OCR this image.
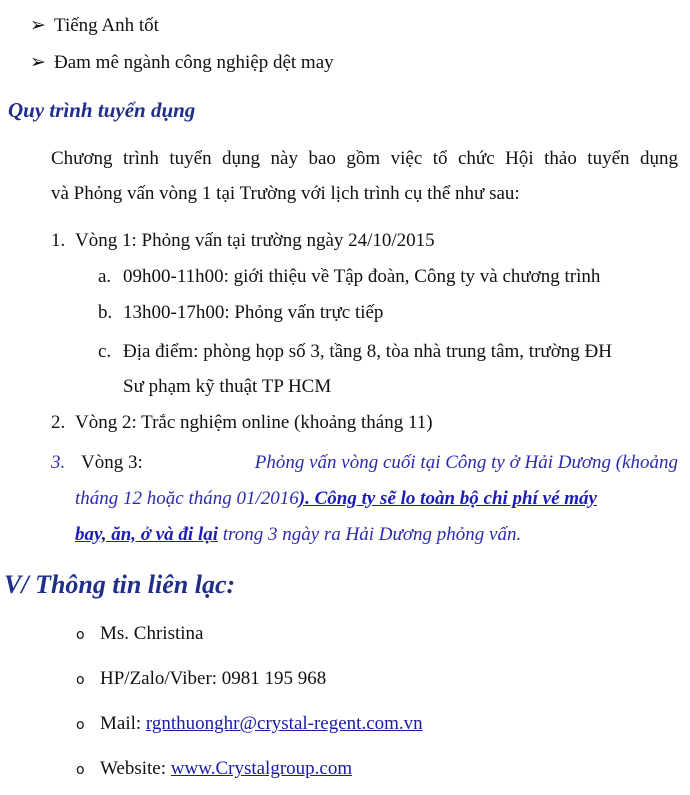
➢ Tiếng Anh tốt
➢ Đam mê ngành công nghiệp dệt may
Quy trình tuyển dụng
Chương trình tuyển dụng này bao gồm việc tổ chức Hội thảo tuyển dụng
và Phỏng vấn vòng 1 tại Trường với lịch trình cụ thể như sau:
1. Vòng 1: Phỏng vấn tại trường ngày 24/10/2015
a. 09h00-11h00: giới thiệu về Tập đoàn, Công ty và chương trình
b. 13h00-17h00: Phỏng vấn trực tiếp
c. Địa điểm: phòng họp số 3, tầng 8, tòa nhà trung tâm, trường ĐH
Sư phạm kỹ thuật TP HCM
2. Vòng 2: Trắc nghiệm online (khoảng tháng 11)
3. Vòng 3:	Phỏng vấn vòng cuối tại Công ty ở Hải Dương (khoảng
tháng 12 hoặc tháng 01/2016). Công ty sẽ lo toàn bộ chi phí vé máy
bay, ăn, ở và đi lại trong 3 ngày ra Hải Dương phỏng vấn.
V/ Thông tin liên lạc:
o Ms. Christina
o HP/Zalo/Viber: 0981 195 968
o Mail: rgnthuonghr@crystal-regent.com.vn
o Website: www.Crystalgroup.com
